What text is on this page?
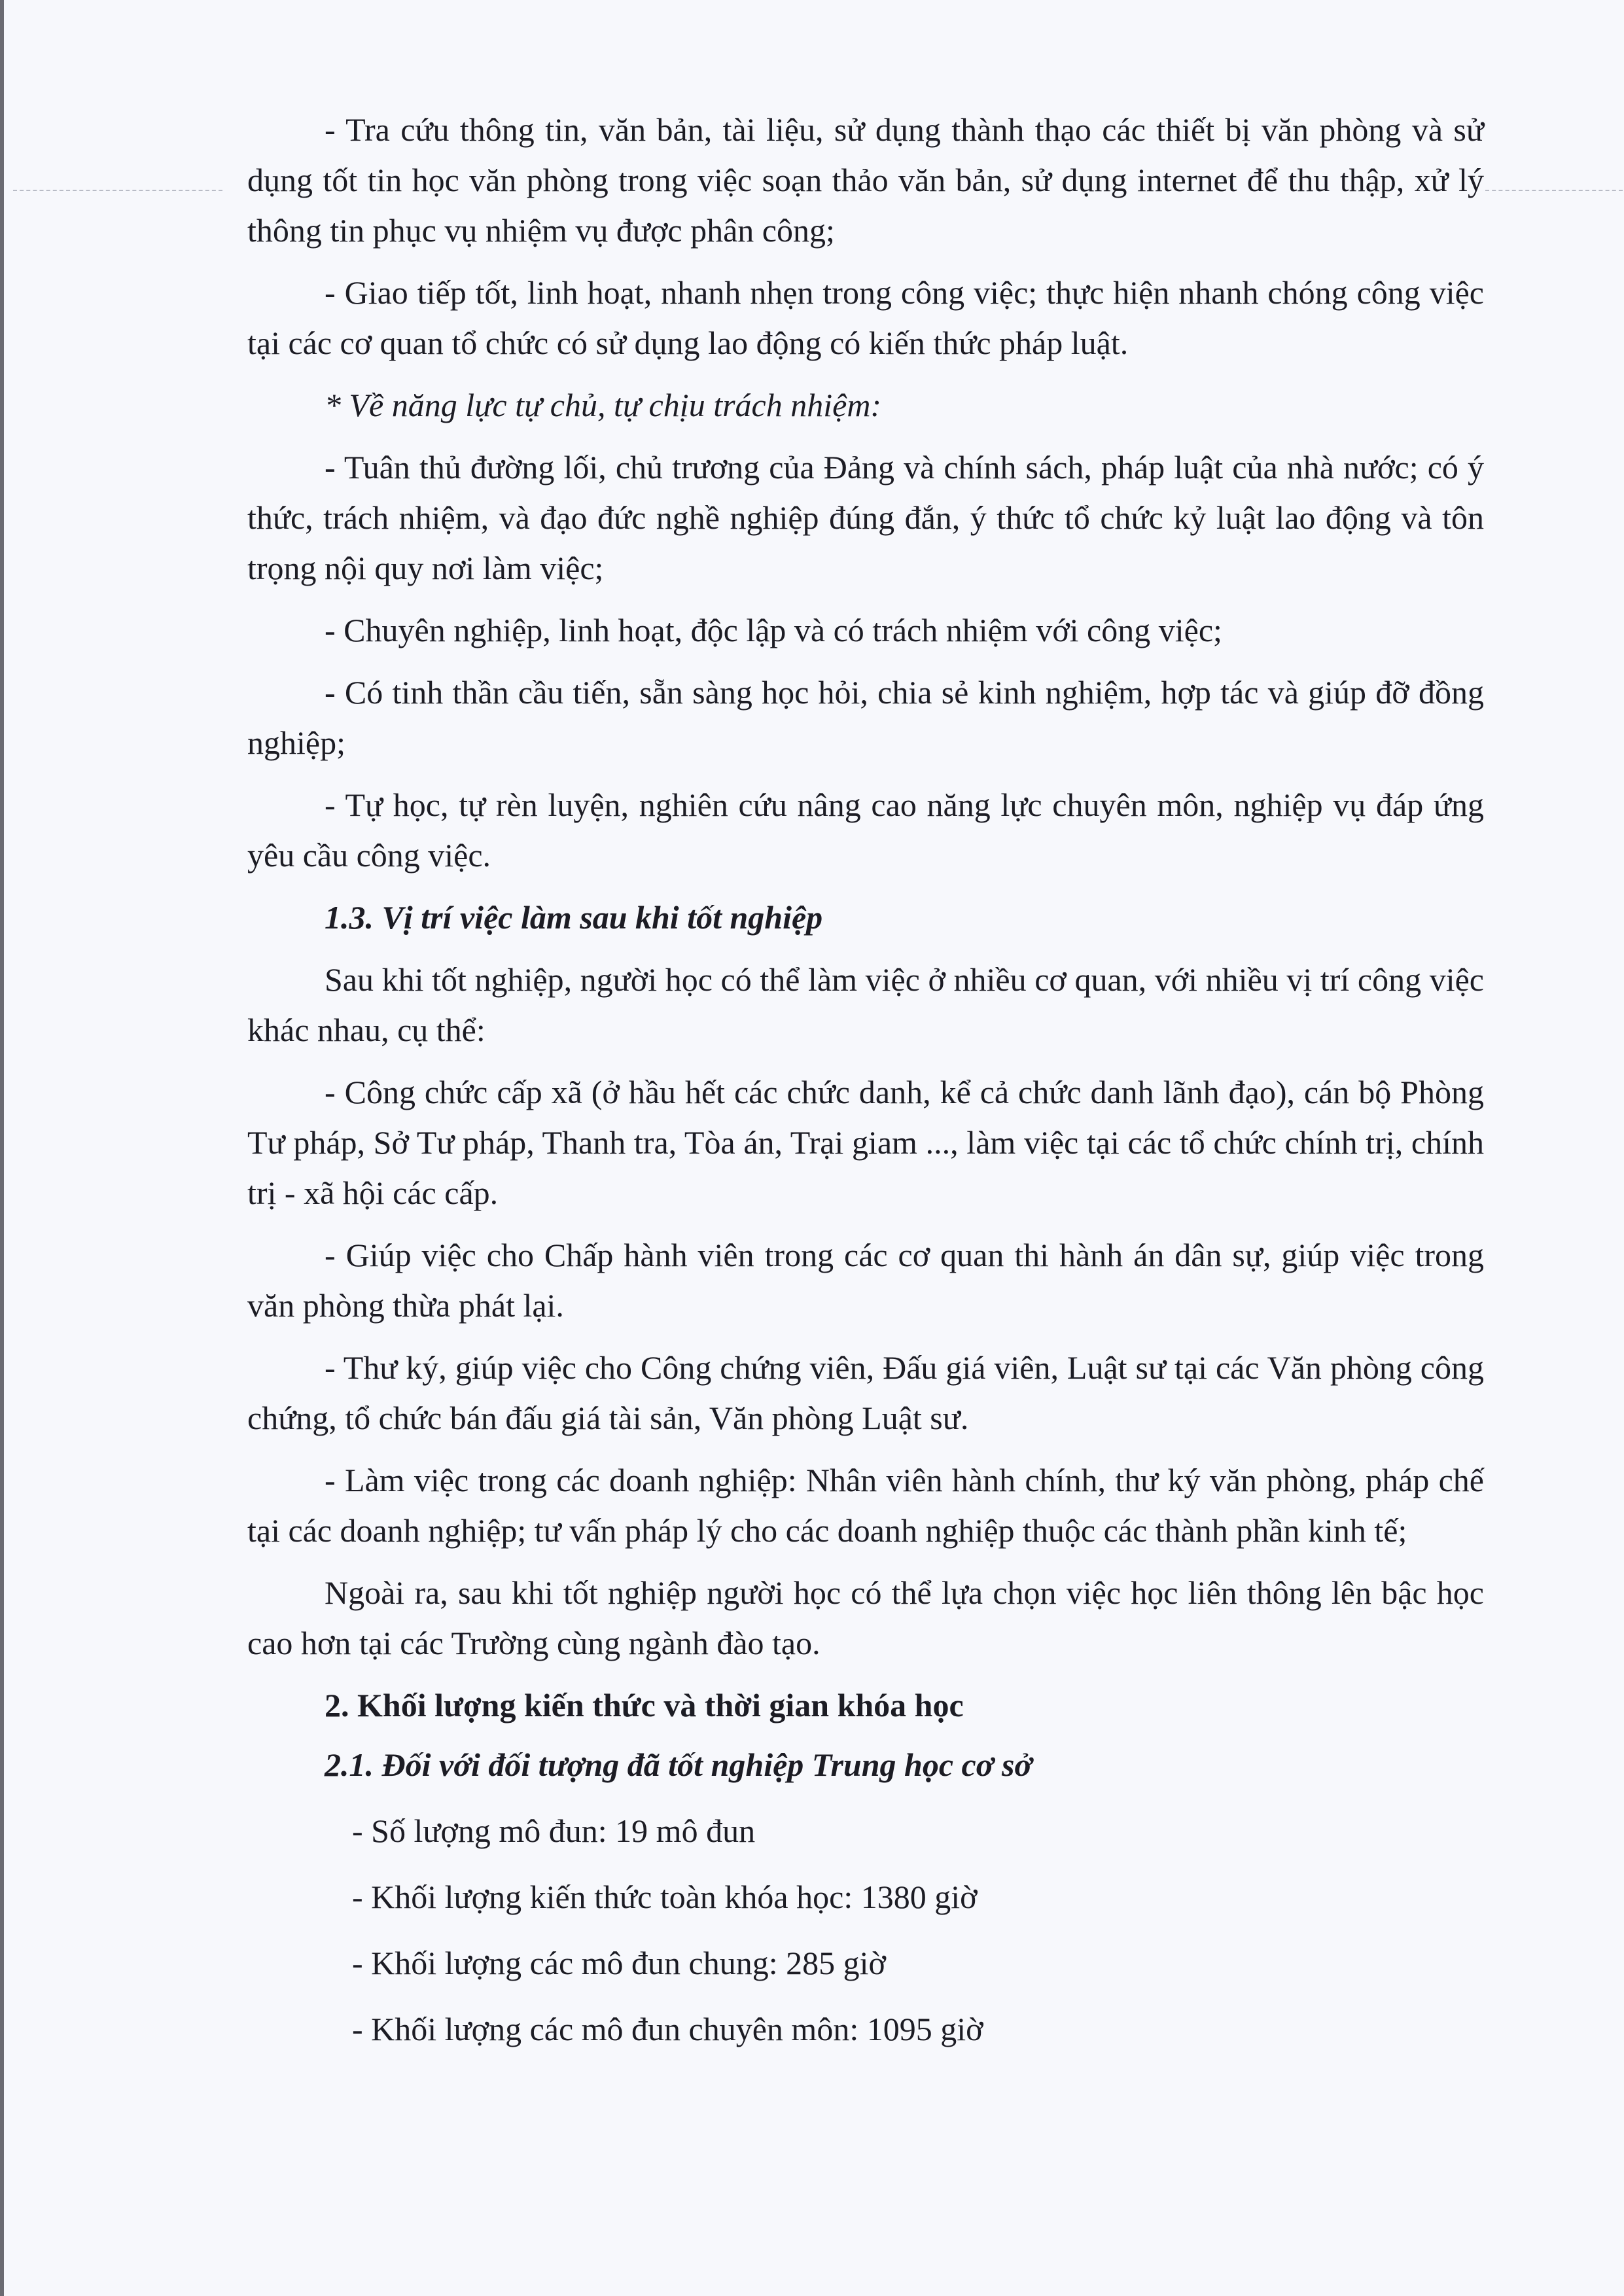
- Tra cứu thông tin, văn bản, tài liệu, sử dụng thành thạo các thiết bị văn phòng và sử dụng tốt tin học văn phòng trong việc soạn thảo văn bản, sử dụng internet để thu thập, xử lý thông tin phục vụ nhiệm vụ được phân công;

- Giao tiếp tốt, linh hoạt, nhanh nhẹn trong công việc; thực hiện nhanh chóng công việc tại các cơ quan tổ chức có sử dụng lao động có kiến thức pháp luật.

* Về năng lực tự chủ, tự chịu trách nhiệm:

- Tuân thủ đường lối, chủ trương của Đảng và chính sách, pháp luật của nhà nước; có ý thức, trách nhiệm, và đạo đức nghề nghiệp đúng đắn, ý thức tổ chức kỷ luật lao động và tôn trọng nội quy nơi làm việc;

- Chuyên nghiệp, linh hoạt, độc lập và có trách nhiệm với công việc;

- Có tinh thần cầu tiến, sẵn sàng học hỏi, chia sẻ kinh nghiệm, hợp tác và giúp đỡ đồng nghiệp;

- Tự học, tự rèn luyện, nghiên cứu nâng cao năng lực chuyên môn, nghiệp vụ đáp ứng yêu cầu công việc.

1.3. Vị trí việc làm sau khi tốt nghiệp

Sau khi tốt nghiệp, người học có thể làm việc ở nhiều cơ quan, với nhiều vị trí công việc khác nhau, cụ thể:

- Công chức cấp xã (ở hầu hết các chức danh, kể cả chức danh lãnh đạo), cán bộ Phòng Tư pháp, Sở Tư pháp, Thanh tra, Tòa án, Trại giam ..., làm việc tại các tổ chức chính trị, chính trị - xã hội các cấp.

- Giúp việc cho Chấp hành viên trong các cơ quan thi hành án dân sự, giúp việc trong văn phòng thừa phát lại.

- Thư ký, giúp việc cho Công chứng viên, Đấu giá viên, Luật sư tại các Văn phòng công chứng, tổ chức bán đấu giá tài sản, Văn phòng Luật sư.

- Làm việc trong các doanh nghiệp: Nhân viên hành chính, thư ký văn phòng, pháp chế tại các doanh nghiệp; tư vấn pháp lý cho các doanh nghiệp thuộc các thành phần kinh tế;

Ngoài ra, sau khi tốt nghiệp người học có thể lựa chọn việc học liên thông lên bậc học cao hơn tại các Trường cùng ngành đào tạo.

2. Khối lượng kiến thức và thời gian khóa học

2.1. Đối với đối tượng đã tốt nghiệp Trung học cơ sở

- Số lượng mô đun: 19 mô đun

- Khối lượng kiến thức toàn khóa học: 1380 giờ

- Khối lượng các mô đun chung: 285 giờ

- Khối lượng các mô đun chuyên môn: 1095 giờ
